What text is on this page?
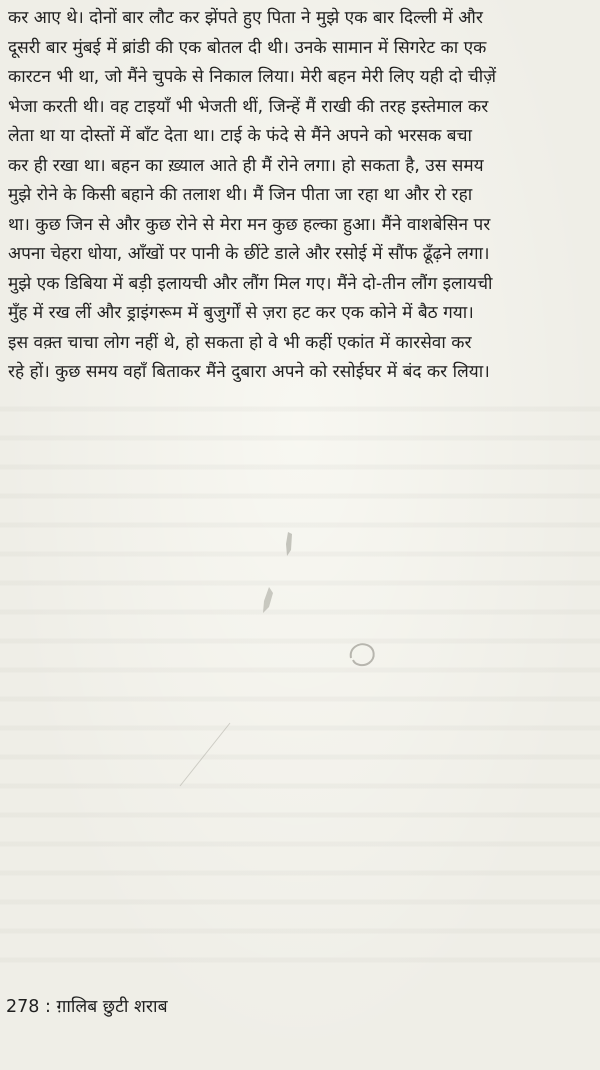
कर आए थे। दोनों बार लौट कर झेंपते हुए पिता ने मुझे एक बार दिल्ली में और
दूसरी बार मुंबई में ब्रांडी की एक बोतल दी थी। उनके सामान में सिगरेट का एक
कारटन भी था, जो मैंने चुपके से निकाल लिया। मेरी बहन मेरी लिए यही दो चीज़ें
भेजा करती थी। वह टाइयाँ भी भेजती थीं, जिन्हें मैं राखी की तरह इस्तेमाल कर
लेता था या दोस्तों में बाँट देता था। टाई के फंदे से मैंने अपने को भरसक बचा
कर ही रखा था। बहन का ख़्याल आते ही मैं रोने लगा। हो सकता है, उस समय
मुझे रोने के किसी बहाने की तलाश थी। मैं जिन पीता जा रहा था और रो रहा
था। कुछ जिन से और कुछ रोने से मेरा मन कुछ हल्का हुआ। मैंने वाशबेसिन पर
अपना चेहरा धोया, आँखों पर पानी के छींटे डाले और रसोई में सौंफ ढूँढ़ने लगा।
मुझे एक डिबिया में बड़ी इलायची और लौंग मिल गए। मैंने दो-तीन लौंग इलायची
मुँह में रख लीं और ड्राइंगरूम में बुजुर्गों से ज़रा हट कर एक कोने में बैठ गया।
इस वक़्त चाचा लोग नहीं थे, हो सकता हो वे भी कहीं एकांत में कारसेवा कर
रहे हों। कुछ समय वहाँ बिताकर मैंने दुबारा अपने को रसोईघर में बंद कर लिया।
278 : ग़ालिब छुटी शराब
